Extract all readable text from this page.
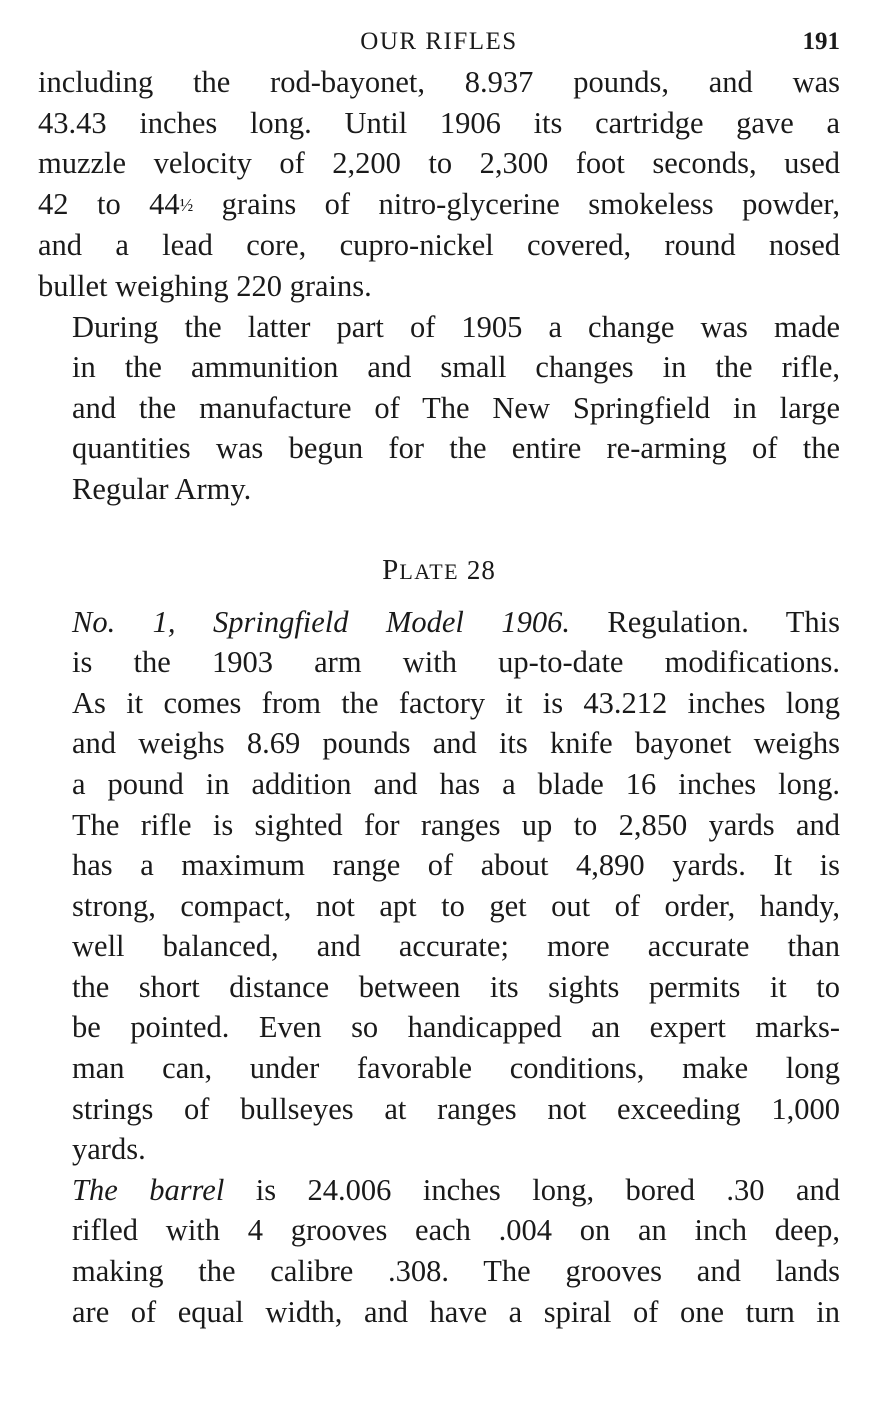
OUR RIFLES	191

including the rod-bayonet, 8.937 pounds, and was
43.43 inches long. Until 1906 its cartridge gave a
muzzle velocity of 2,200 to 2,300 foot seconds, used
42 to 44½ grains of nitro-glycerine smokeless powder,
and a lead core, cupro-nickel covered, round nosed
bullet weighing 220 grains.

During the latter part of 1905 a change was made
in the ammunition and small changes in the rifle,
and the manufacture of The New Springfield in large
quantities was begun for the entire re-arming of the
Regular Army.

PLATE 28

No. 1, Springfield Model 1906. Regulation. This
is the 1903 arm with up-to-date modifications.
As it comes from the factory it is 43.212 inches long
and weighs 8.69 pounds and its knife bayonet weighs
a pound in addition and has a blade 16 inches long.
The rifle is sighted for ranges up to 2,850 yards and
has a maximum range of about 4,890 yards. It is
strong, compact, not apt to get out of order, handy,
well balanced, and accurate; more accurate than
the short distance between its sights permits it to
be pointed. Even so handicapped an expert marks-
man can, under favorable conditions, make long
strings of bullseyes at ranges not exceeding 1,000
yards.

The barrel is 24.006 inches long, bored .30 and
rifled with 4 grooves each .004 on an inch deep,
making the calibre .308. The grooves and lands
are of equal width, and have a spiral of one turn in
